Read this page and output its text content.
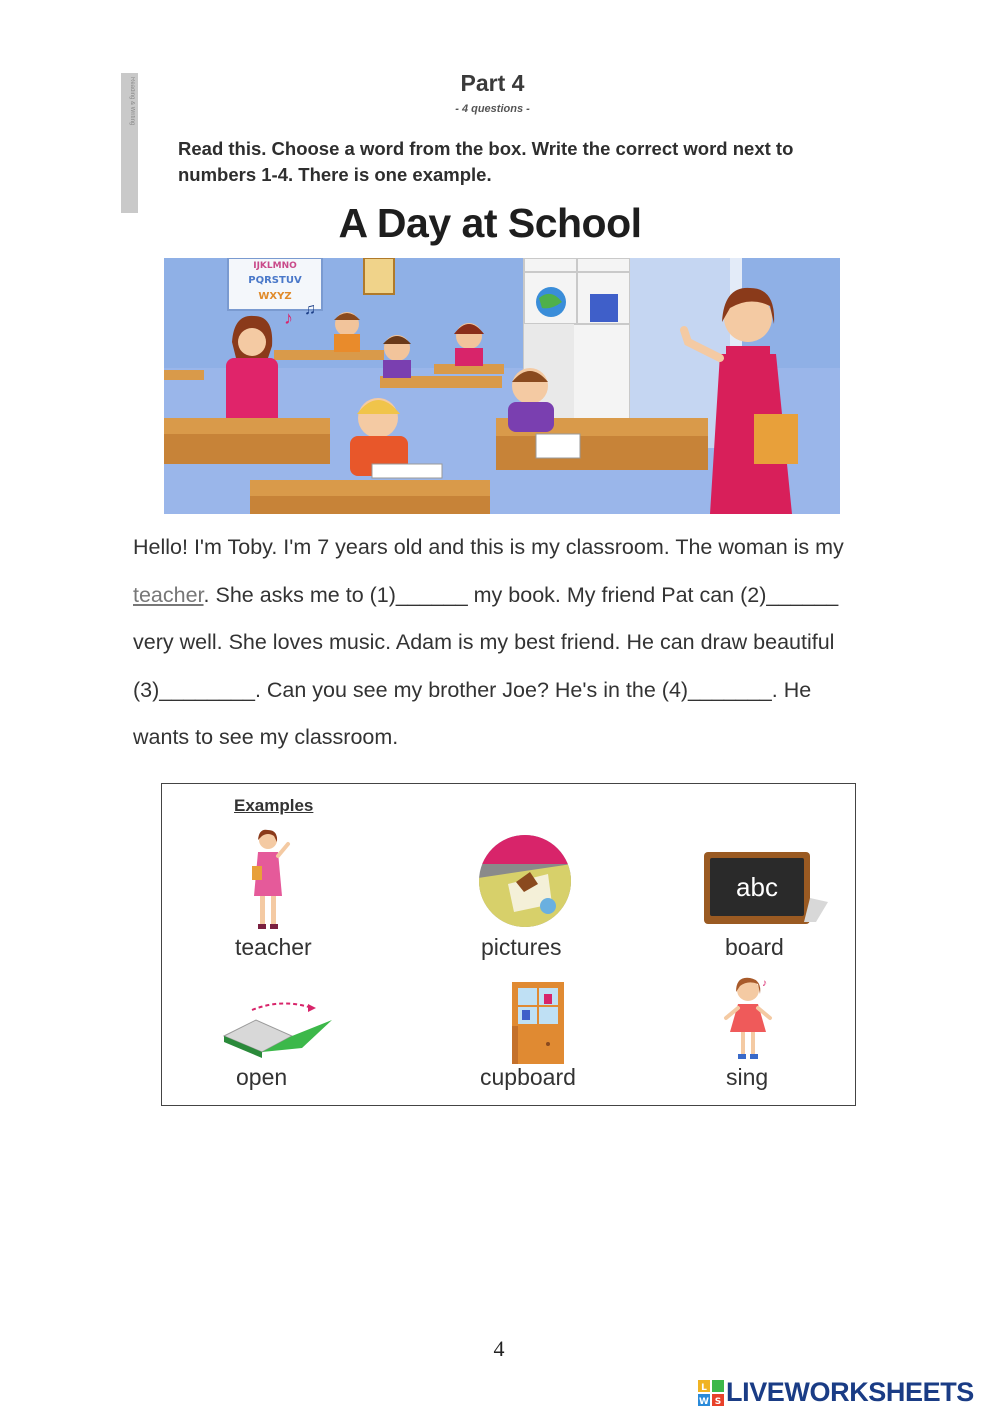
Reading & Writing	Part 4
- 4 questions -
Read this. Choose a word from the box. Write the correct word next to numbers 1-4. There is one example.
A Day at School
IJKLMNO
PQRSTUV
WXYZ
♪ ♫
Hello! I'm Toby. I'm 7 years old and this is my classroom. The woman is my teacher. She asks me to (1)______ my book. My friend Pat can (2)______ very well. She loves music. Adam is my best friend. He can draw beautiful (3)________. Can you see my brother Joe? He's in the (4)_______. He wants to see my classroom.
Examples
teacher	pictures
abc
board
open	cupboard
♪
sing
4
L
W S LIVEWORKSHEETS
